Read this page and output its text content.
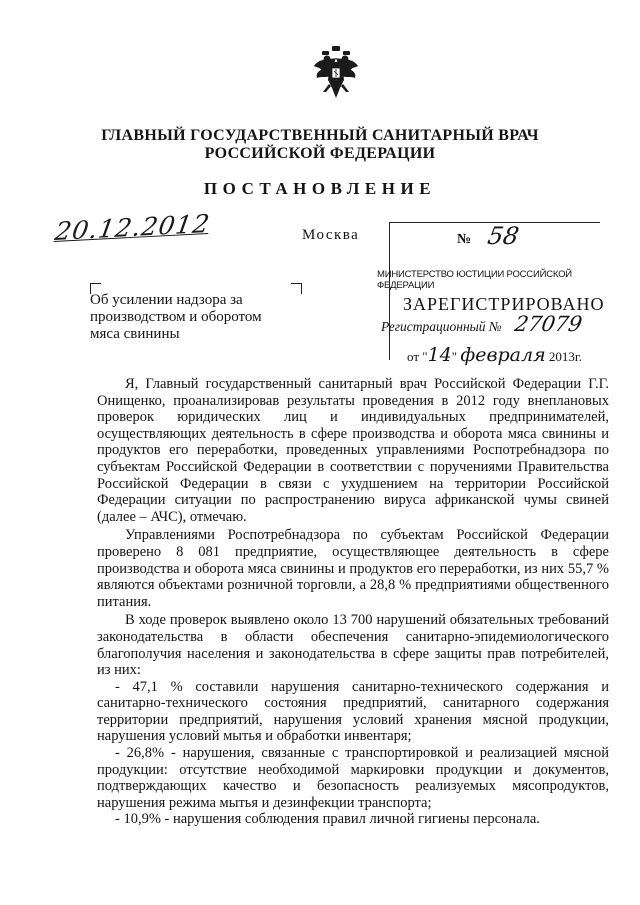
ГЛАВНЫЙ ГОСУДАРСТВЕННЫЙ САНИТАРНЫЙ ВРАЧ
РОССИЙСКОЙ ФЕДЕРАЦИИ
ПОСТАНОВЛЕНИЕ
20.12.2012	Москва	№ 58
МИНИСТЕРСТВО ЮСТИЦИИ РОССИЙСКОЙ ФЕДЕРАЦИИ
ЗАРЕГИСТРИРОВАНО
Регистрационный № 27079
от "14" февраля 2013г.
Об усилении надзора за
производством и оборотом
мяса свинины

Я, Главный государственный санитарный врач Российской Федерации Г.Г. Онищенко, проанализировав результаты проведения в 2012 году внеплановых проверок юридических лиц и индивидуальных предпринимателей, осуществляющих деятельность в сфере производства и оборота мяса свинины и продуктов его переработки, проведенных управлениями Роспотребнадзора по субъектам Российской Федерации в соответствии с поручениями Правительства Российской Федерации в связи с ухудшением на территории Российской Федерации ситуации по распространению вируса африканской чумы свиней (далее – АЧС), отмечаю.

Управлениями Роспотребнадзора по субъектам Российской Федерации проверено 8 081 предприятие, осуществляющее деятельность в сфере производства и оборота мяса свинины и продуктов его переработки, из них 55,7 % являются объектами розничной торговли, а 28,8 % предприятиями общественного питания.

В ходе проверок выявлено около 13 700 нарушений обязательных требований законодательства в области обеспечения санитарно-эпидемиологического благополучия населения и законодательства в сфере защиты прав потребителей, из них:

- 47,1 % составили нарушения санитарно-технического содержания и санитарно-технического состояния предприятий, санитарного содержания территории предприятий, нарушения условий хранения мясной продукции, нарушения условий мытья и обработки инвентаря;

- 26,8% - нарушения, связанные с транспортировкой и реализацией мясной продукции: отсутствие необходимой маркировки продукции и документов, подтверждающих качество и безопасность реализуемых мясопродуктов, нарушения режима мытья и дезинфекции транспорта;

- 10,9% - нарушения соблюдения правил личной гигиены персонала.
